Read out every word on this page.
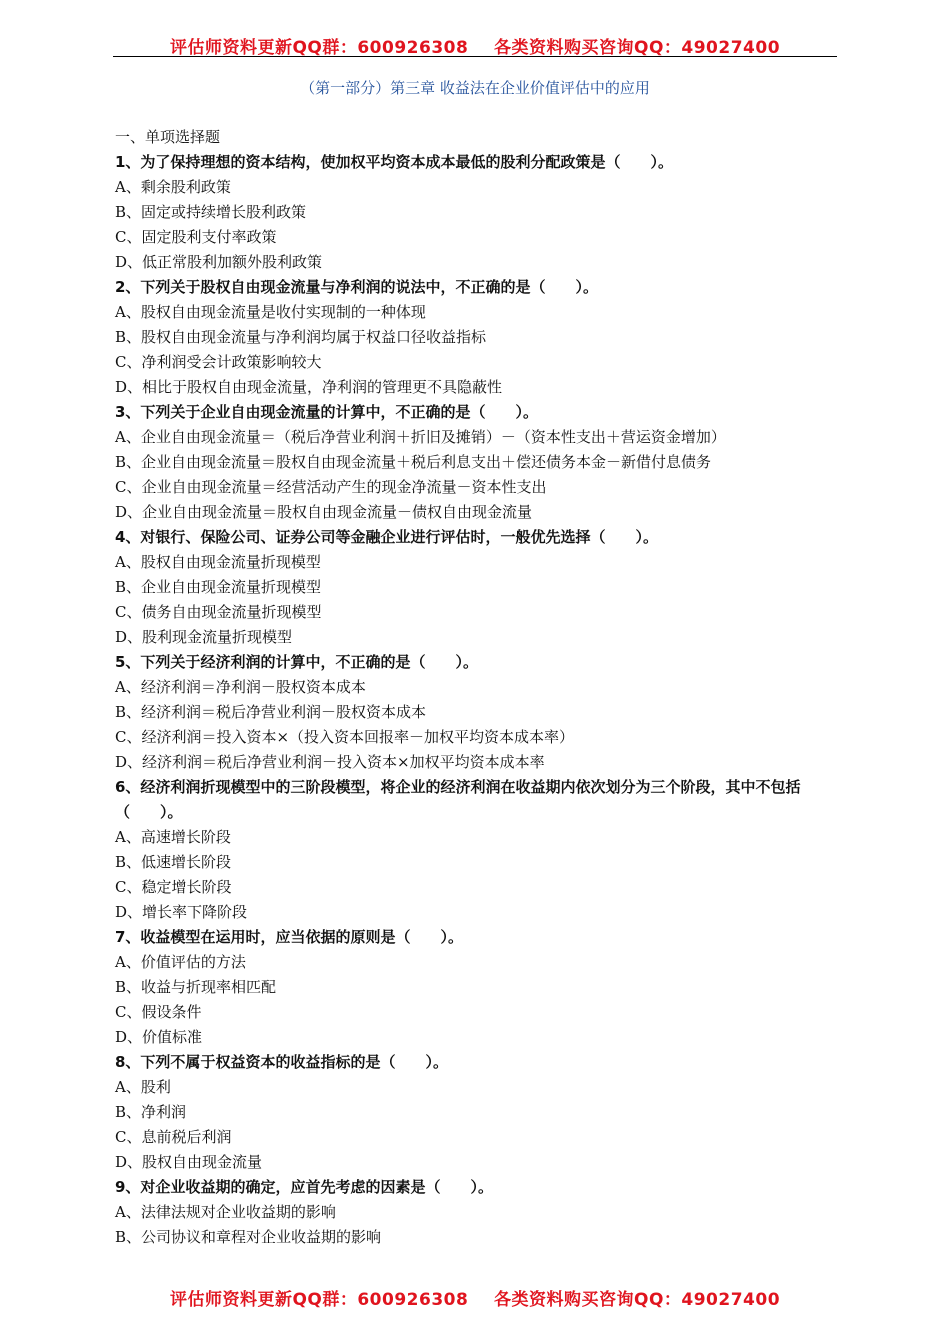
评估师资料更新QQ群：600926308    各类资料购买咨询QQ：49027400
（第一部分）第三章 收益法在企业价值评估中的应用
一、单项选择题
1、为了保持理想的资本结构，使加权平均资本成本最低的股利分配政策是（　　）。
A、剩余股利政策
B、固定或持续增长股利政策
C、固定股利支付率政策
D、低正常股利加额外股利政策
2、下列关于股权自由现金流量与净利润的说法中，不正确的是（　　）。
A、股权自由现金流量是收付实现制的一种体现
B、股权自由现金流量与净利润均属于权益口径收益指标
C、净利润受会计政策影响较大
D、相比于股权自由现金流量，净利润的管理更不具隐蔽性
3、下列关于企业自由现金流量的计算中，不正确的是（　　）。
A、企业自由现金流量＝（税后净营业利润＋折旧及摊销）－（资本性支出＋营运资金增加）
B、企业自由现金流量＝股权自由现金流量＋税后利息支出＋偿还债务本金－新借付息债务
C、企业自由现金流量＝经营活动产生的现金净流量－资本性支出
D、企业自由现金流量＝股权自由现金流量－债权自由现金流量
4、对银行、保险公司、证券公司等金融企业进行评估时，一般优先选择（　　）。
A、股权自由现金流量折现模型
B、企业自由现金流量折现模型
C、债务自由现金流量折现模型
D、股利现金流量折现模型
5、下列关于经济利润的计算中，不正确的是（　　）。
A、经济利润＝净利润－股权资本成本
B、经济利润＝税后净营业利润－股权资本成本
C、经济利润＝投入资本×（投入资本回报率－加权平均资本成本率）
D、经济利润＝税后净营业利润－投入资本×加权平均资本成本率
6、经济利润折现模型中的三阶段模型，将企业的经济利润在收益期内依次划分为三个阶段，其中不包括（　　）。
A、高速增长阶段
B、低速增长阶段
C、稳定增长阶段
D、增长率下降阶段
7、收益模型在运用时，应当依据的原则是（　　）。
A、价值评估的方法
B、收益与折现率相匹配
C、假设条件
D、价值标准
8、下列不属于权益资本的收益指标的是（　　）。
A、股利
B、净利润
C、息前税后利润
D、股权自由现金流量
9、对企业收益期的确定，应首先考虑的因素是（　　）。
A、法律法规对企业收益期的影响
B、公司协议和章程对企业收益期的影响
评估师资料更新QQ群：600926308    各类资料购买咨询QQ：49027400
